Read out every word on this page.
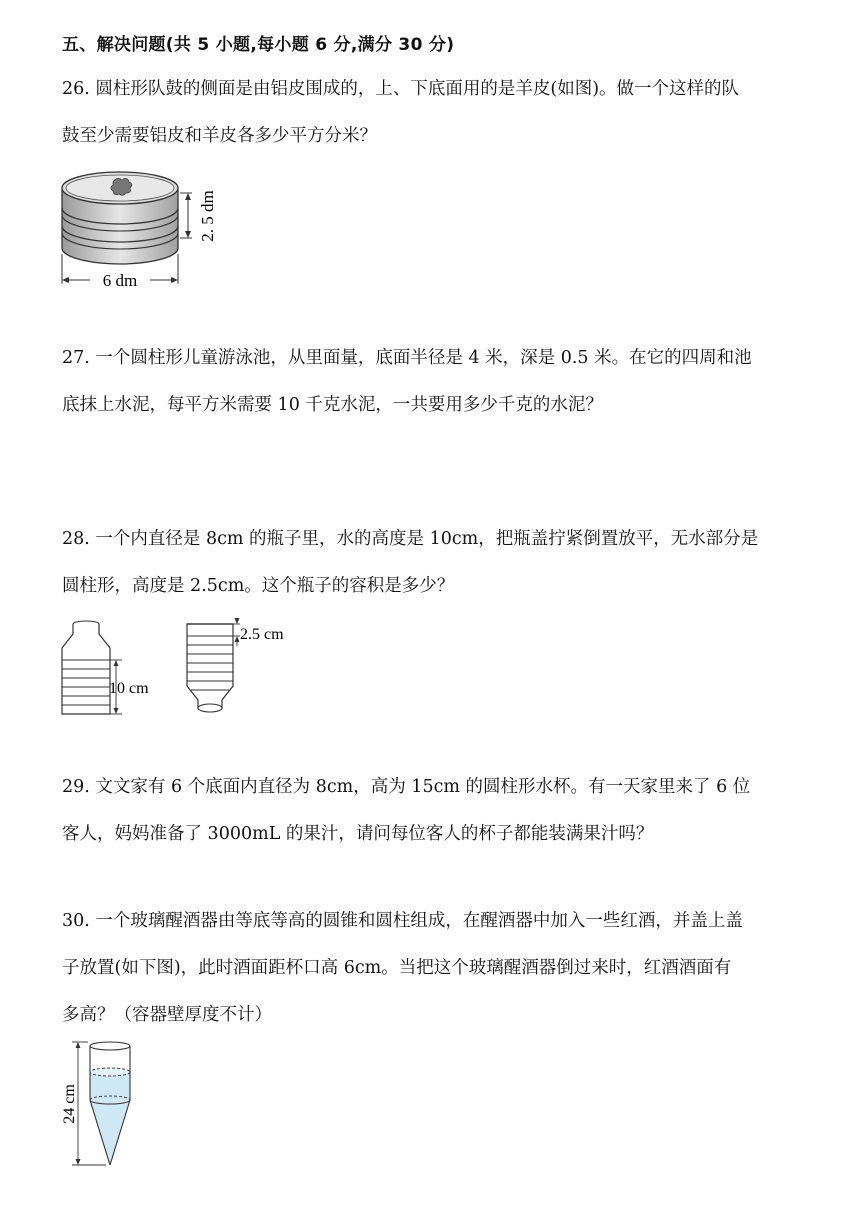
五、解决问题(共 5 小题,每小题 6 分,满分 30 分)

26. 圆柱形队鼓的侧面是由铝皮围成的，上、下底面用的是羊皮(如图)。做一个这样的队

鼓至少需要铝皮和羊皮各多少平方分米？

6 dm
2. 5 dm

27. 一个圆柱形儿童游泳池，从里面量，底面半径是 4 米，深是 0.5 米。在它的四周和池

底抹上水泥，每平方米需要 10 千克水泥，一共要用多少千克的水泥？

28. 一个内直径是 8cm 的瓶子里，水的高度是 10cm，把瓶盖拧紧倒置放平，无水部分是

圆柱形，高度是 2.5cm。这个瓶子的容积是多少？

10 cm
2.5 cm

29. 文文家有 6 个底面内直径为 8cm，高为 15cm 的圆柱形水杯。有一天家里来了 6 位

客人，妈妈准备了 3000mL 的果汁，请问每位客人的杯子都能装满果汁吗？

30. 一个玻璃醒酒器由等底等高的圆锥和圆柱组成，在醒酒器中加入一些红酒，并盖上盖

子放置(如下图)，此时酒面距杯口高 6cm。当把这个玻璃醒酒器倒过来时，红酒酒面有

多高？（容器壁厚度不计）

24 cm
